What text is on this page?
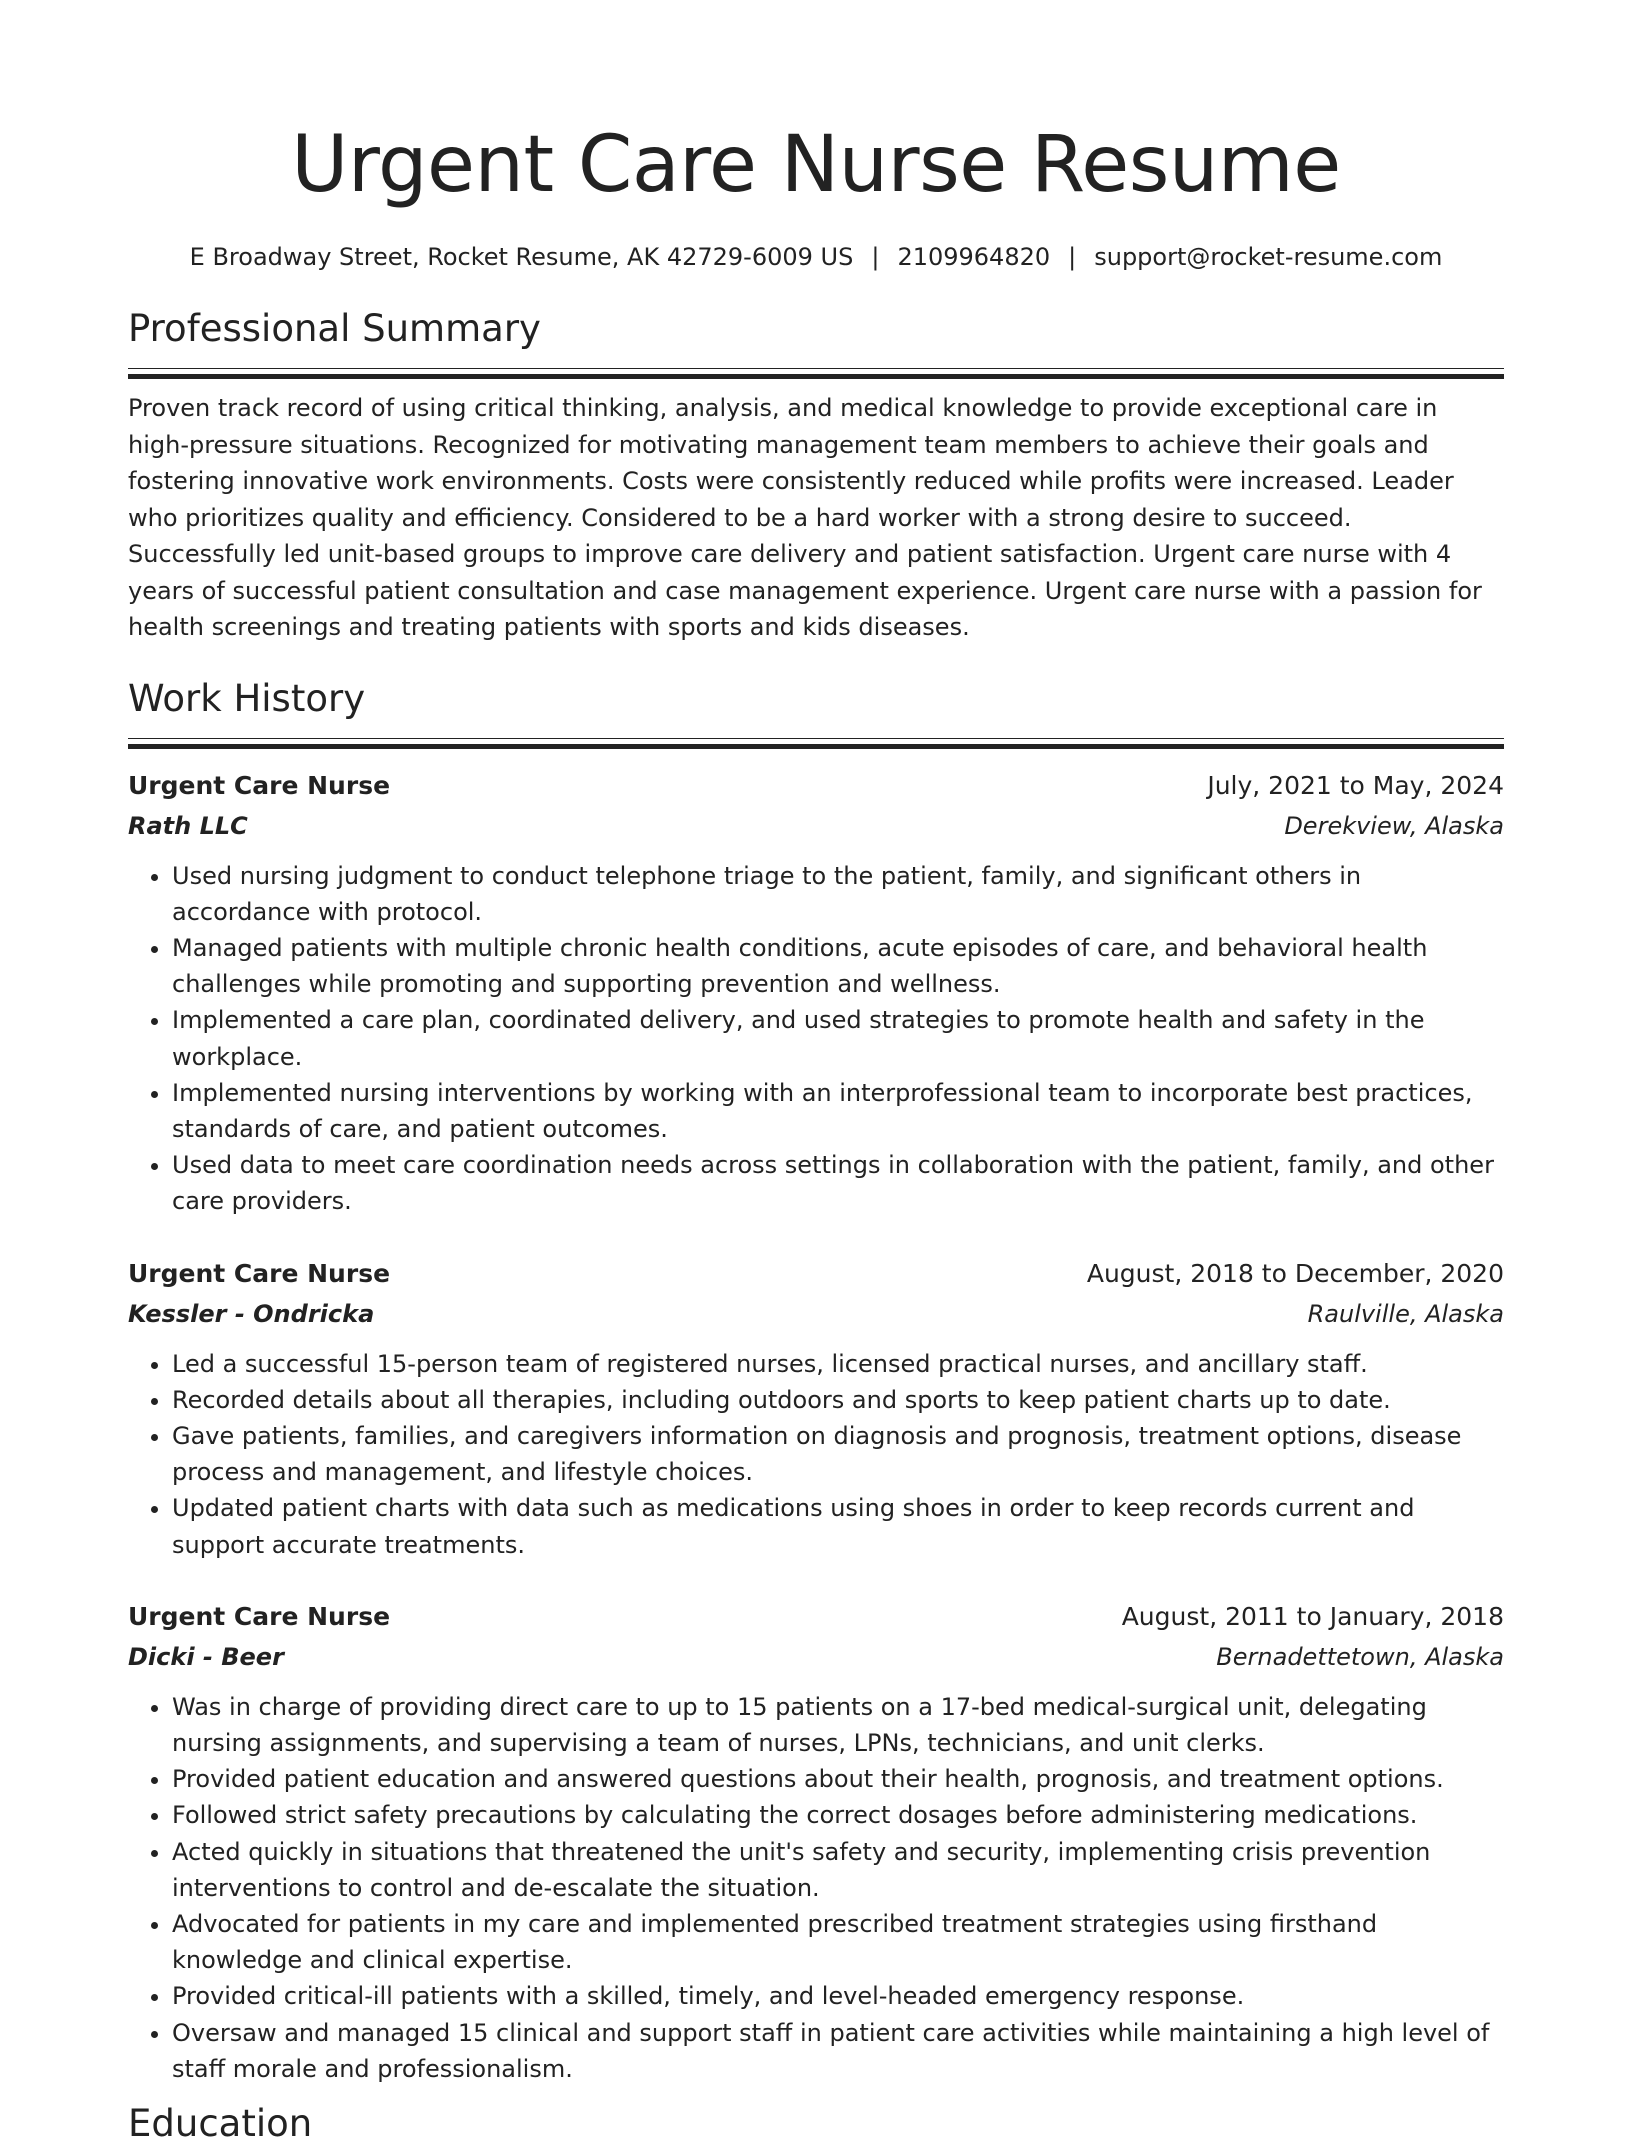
Urgent Care Nurse Resume
E Broadway Street, Rocket Resume, AK 42729-6009 US | 2109964820 | support@rocket-resume.com
Professional Summary

Proven track record of using critical thinking, analysis, and medical knowledge to provide exceptional care in high-pressure situations. Recognized for motivating management team members to achieve their goals and fostering innovative work environments. Costs were consistently reduced while profits were increased. Leader who prioritizes quality and efficiency. Considered to be a hard worker with a strong desire to succeed. Successfully led unit-based groups to improve care delivery and patient satisfaction. Urgent care nurse with 4 years of successful patient consultation and case management experience. Urgent care nurse with a passion for health screenings and treating patients with sports and kids diseases.

Work History
Urgent Care Nurse	July, 2021 to May, 2024
Rath LLC	Derekview, Alaska
• Used nursing judgment to conduct telephone triage to the patient, family, and significant others in accordance with protocol.
• Managed patients with multiple chronic health conditions, acute episodes of care, and behavioral health challenges while promoting and supporting prevention and wellness.
• Implemented a care plan, coordinated delivery, and used strategies to promote health and safety in the workplace.
• Implemented nursing interventions by working with an interprofessional team to incorporate best practices, standards of care, and patient outcomes.
• Used data to meet care coordination needs across settings in collaboration with the patient, family, and other care providers.
Urgent Care Nurse	August, 2018 to December, 2020
Kessler - Ondricka	Raulville, Alaska
• Led a successful 15-person team of registered nurses, licensed practical nurses, and ancillary staff.
• Recorded details about all therapies, including outdoors and sports to keep patient charts up to date.
• Gave patients, families, and caregivers information on diagnosis and prognosis, treatment options, disease process and management, and lifestyle choices.
• Updated patient charts with data such as medications using shoes in order to keep records current and support accurate treatments.
Urgent Care Nurse	August, 2011 to January, 2018
Dicki - Beer	Bernadettetown, Alaska
• Was in charge of providing direct care to up to 15 patients on a 17-bed medical-surgical unit, delegating nursing assignments, and supervising a team of nurses, LPNs, technicians, and unit clerks.
• Provided patient education and answered questions about their health, prognosis, and treatment options.
• Followed strict safety precautions by calculating the correct dosages before administering medications.
• Acted quickly in situations that threatened the unit's safety and security, implementing crisis prevention interventions to control and de-escalate the situation.
• Advocated for patients in my care and implemented prescribed treatment strategies using firsthand knowledge and clinical expertise.
• Provided critical-ill patients with a skilled, timely, and level-headed emergency response.
• Oversaw and managed 15 clinical and support staff in patient care activities while maintaining a high level of staff morale and professionalism.
Education
